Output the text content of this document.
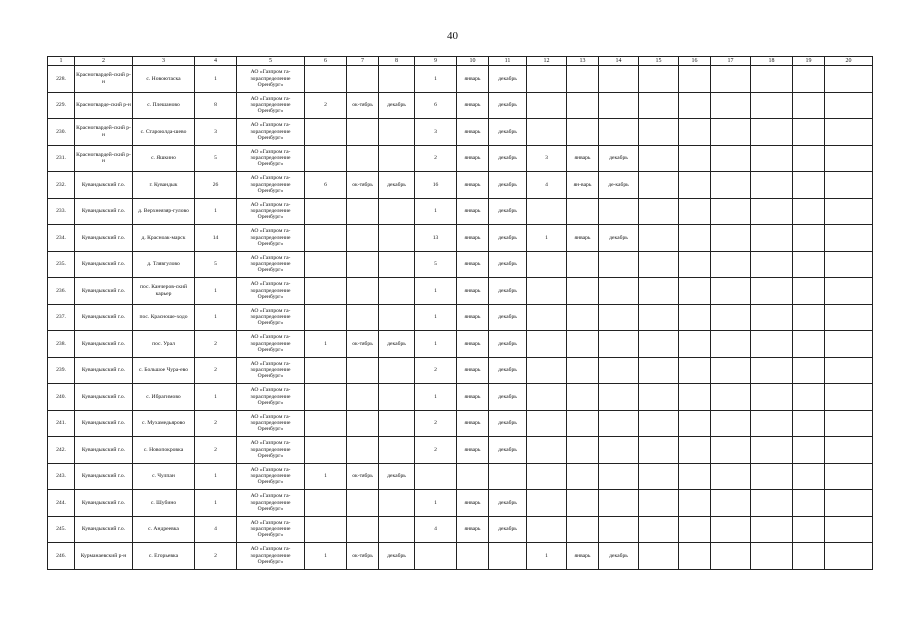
40
1	2	3	4	5	6	7	8	9	10	11	12	13	14	15	16	17	18	19	20
228.	Красногвардей-ский р-н	с. Новоютаска	1	АО «Газпром га-зораспределение Оренбург»				1	январь	декабрь									
229.	Красногварде-ский р-н	с. Плешаново	8	АО «Газпром га-зораспределение Оренбург»	2	ок-тябрь	декабрь	6	январь	декабрь									
230.	Красногвардей-ский р-н	с. Староюлда-шево	3	АО «Газпром га-зораспределение Оренбург»				3	январь	декабрь									
231.	Красногвардей-ский р-н	с. Яшкино	5	АО «Газпром га-зораспределение Оренбург»				2	январь	декабрь	3	январь	декабрь						
232.	Кувандыкский г.о.	г. Кувандык	26	АО «Газпром га-зораспределение Оренбург»	6	ок-тябрь	декабрь	16	январь	декабрь	4	ян-варь	де-кабрь						
233.	Кувандыкский г.о.	д. Верхнеязяр-гулово	1	АО «Газпром га-зораспределение Оренбург»				1	январь	декабрь									
234.	Кувандыкский г.о.	д. Красноак-марск	14	АО «Газпром га-зораспределение Оренбург»				13	январь	декабрь	1	январь	декабрь						
235.	Кувандыкский г.о.	д. Тлявгулово	5	АО «Газпром га-зораспределение Оренбург»				5	январь	декабрь									
236.	Кувандыкский г.о.	пос. Канчеров-ский карьер	1	АО «Газпром га-зораспределение Оренбург»				1	январь	декабрь									
237.	Кувандыкский г.о.	пос. Красноше-ходо	1	АО «Газпром га-зораспределение Оренбург»				1	январь	декабрь									
238.	Кувандыкский г.о.	пос. Урал	2	АО «Газпром га-зораспределение Оренбург»	1	ок-тябрь	декабрь	1	январь	декабрь									
239.	Кувандыкский г.о.	с. Большое Чура-ево	2	АО «Газпром га-зораспределение Оренбург»				2	январь	декабрь									
240.	Кувандыкский г.о.	с. Ибрагимово	1	АО «Газпром га-зораспределение Оренбург»				1	январь	декабрь									
241.	Кувандыкский г.о.	с. Мухамедьярово	2	АО «Газпром га-зораспределение Оренбург»				2	январь	декабрь									
242.	Кувандыкский г.о.	с. Новопокровка	2	АО «Газпром га-зораспределение Оренбург»				2	январь	декабрь									
243.	Кувандыкский г.о.	с. Чулпан	1	АО «Газпром га-зораспределение Оренбург»	1	ок-тябрь	декабрь												
244.	Кувандыкский г.о.	с. Шубино	1	АО «Газпром га-зораспределение Оренбург»				1	январь	декабрь									
245.	Кувандыкский г.о.	с. Андреевка	4	АО «Газпром га-зораспределение Оренбург»				4	январь	декабрь									
246.	Курманаевский р-н	с. Егорьевка	2	АО «Газпром га-зораспределение Оренбург»	1	ок-тябрь	декабрь				1	январь	декабрь						
